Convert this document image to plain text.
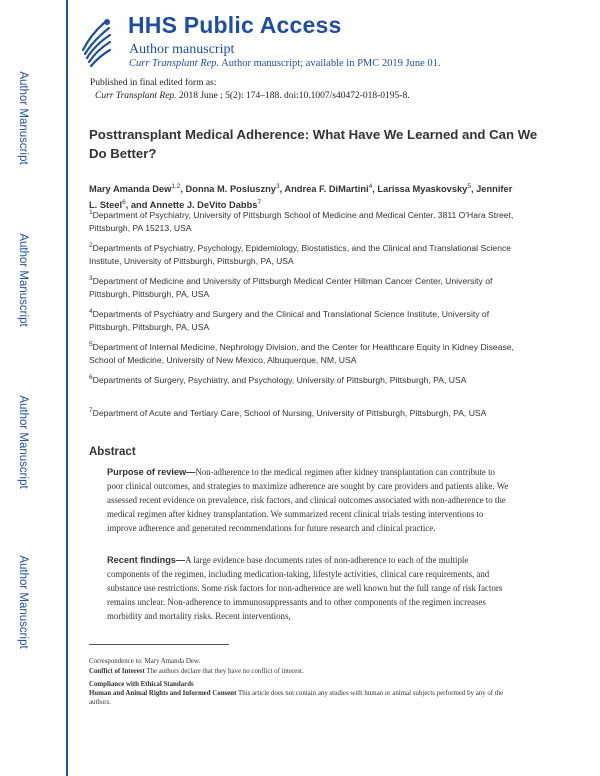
Author Manuscript
Author Manuscript
Author Manuscript
Author Manuscript
HHS Public Access
Author manuscript
Curr Transplant Rep. Author manuscript; available in PMC 2019 June 01.
Published in final edited form as:
Curr Transplant Rep. 2018 June ; 5(2): 174–188. doi:10.1007/s40472-018-0195-8.
Posttransplant Medical Adherence: What Have We Learned and Can We Do Better?
Mary Amanda Dew$^{1,2}$, Donna M. Posluszny$^3$, Andrea F. DiMartini$^4$, Larissa Myaskovsky$^5$, Jennifer L. Steel$^6$, and Annette J. DeVito Dabbs$^7$
$^1$Department of Psychiatry, University of Pittsburgh School of Medicine and Medical Center, 3811 O'Hara Street, Pittsburgh, PA 15213, USA
$^2$Departments of Psychiatry, Psychology, Epidemiology, Biostatistics, and the Clinical and Translational Science Institute, University of Pittsburgh, Pittsburgh, PA, USA
$^3$Department of Medicine and University of Pittsburgh Medical Center Hillman Cancer Center, University of Pittsburgh, Pittsburgh, PA, USA
$^4$Departments of Psychiatry and Surgery and the Clinical and Translational Science Institute, University of Pittsburgh, Pittsburgh, PA, USA
$^5$Department of Internal Medicine, Nephrology Division, and the Center for Healthcare Equity in Kidney Disease, School of Medicine, University of New Mexico, Albuquerque, NM, USA
$^6$Departments of Surgery, Psychiatry, and Psychology, University of Pittsburgh, Pittsburgh, PA, USA
$^7$Department of Acute and Tertiary Care, School of Nursing, University of Pittsburgh, Pittsburgh, PA, USA
Abstract
Purpose of review—Non-adherence to the medical regimen after kidney transplantation can contribute to poor clinical outcomes, and strategies to maximize adherence are sought by care providers and patients alike. We assessed recent evidence on prevalence, risk factors, and clinical outcomes associated with non-adherence to the medical regimen after kidney transplantation. We summarized recent clinical trials testing interventions to improve adherence and generated recommendations for future research and clinical practice.
Recent findings—A large evidence base documents rates of non-adherence to each of the multiple components of the regimen, including medication-taking, lifestyle activities, clinical care requirements, and substance use restrictions. Some risk factors for non-adherence are well known but the full range of risk factors remains unclear. Non-adherence to immunosuppressants and to other components of the regimen increases morbidity and mortality risks. Recent interventions,
Correspondence to: Mary Amanda Dew.
Conflict of Interest The authors declare that they have no conflict of interest.
Compliance with Ethical Standards
Human and Animal Rights and Informed Consent This article does not contain any studies with human or animal subjects performed by any of the authors.
